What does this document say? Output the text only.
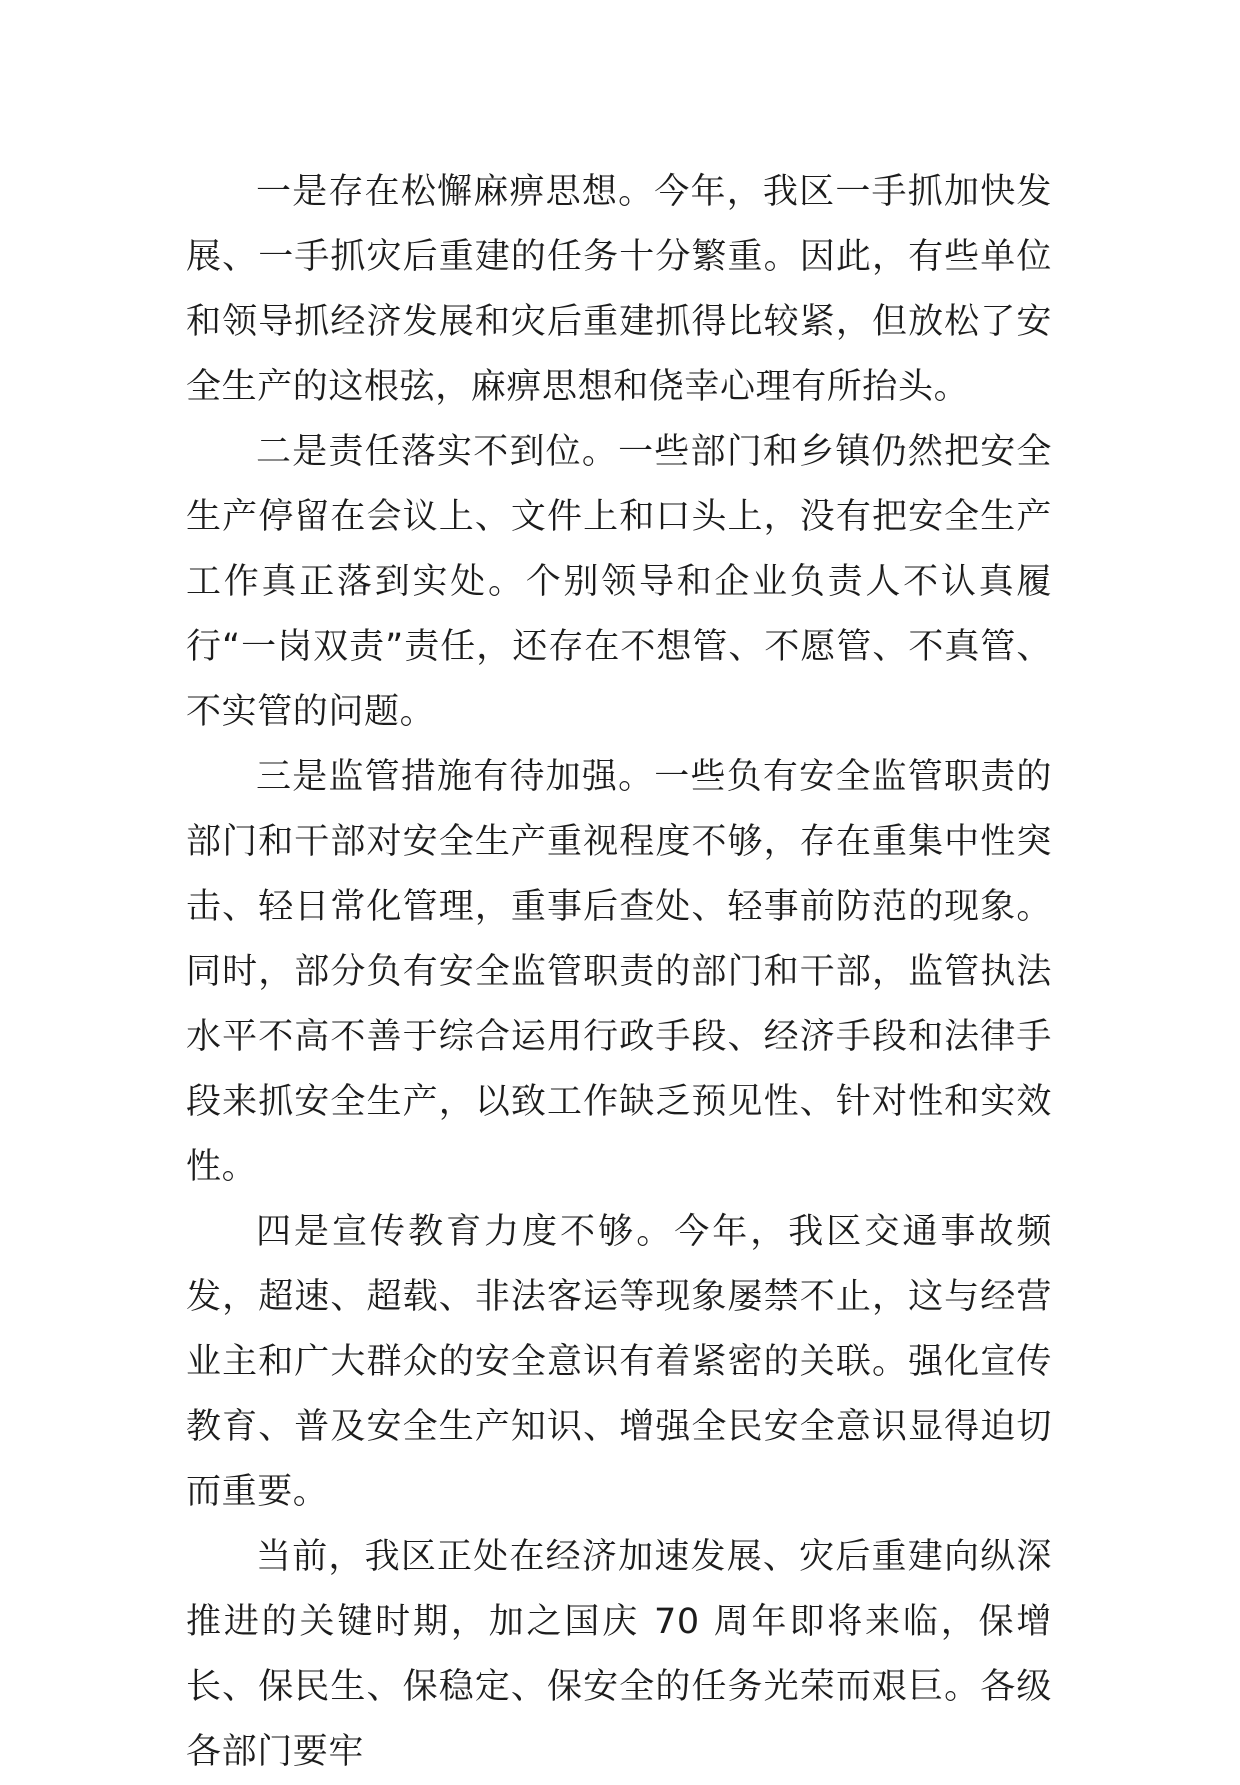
一是存在松懈麻痹思想。今年，我区一手抓加快发展、一手抓灾后重建的任务十分繁重。因此，有些单位和领导抓经济发展和灾后重建抓得比较紧，但放松了安全生产的这根弦，麻痹思想和侥幸心理有所抬头。

二是责任落实不到位。一些部门和乡镇仍然把安全生产停留在会议上、文件上和口头上，没有把安全生产工作真正落到实处。个别领导和企业负责人不认真履行“一岗双责”责任，还存在不想管、不愿管、不真管、不实管的问题。

三是监管措施有待加强。一些负有安全监管职责的部门和干部对安全生产重视程度不够，存在重集中性突击、轻日常化管理，重事后查处、轻事前防范的现象。同时，部分负有安全监管职责的部门和干部，监管执法水平不高不善于综合运用行政手段、经济手段和法律手段来抓安全生产，以致工作缺乏预见性、针对性和实效性。

四是宣传教育力度不够。今年，我区交通事故频发，超速、超载、非法客运等现象屡禁不止，这与经营业主和广大群众的安全意识有着紧密的关联。强化宣传教育、普及安全生产知识、增强全民安全意识显得迫切而重要。

当前，我区正处在经济加速发展、灾后重建向纵深推进的关键时期，加之国庆 70 周年即将来临，保增长、保民生、保稳定、保安全的任务光荣而艰巨。各级各部门要牢
